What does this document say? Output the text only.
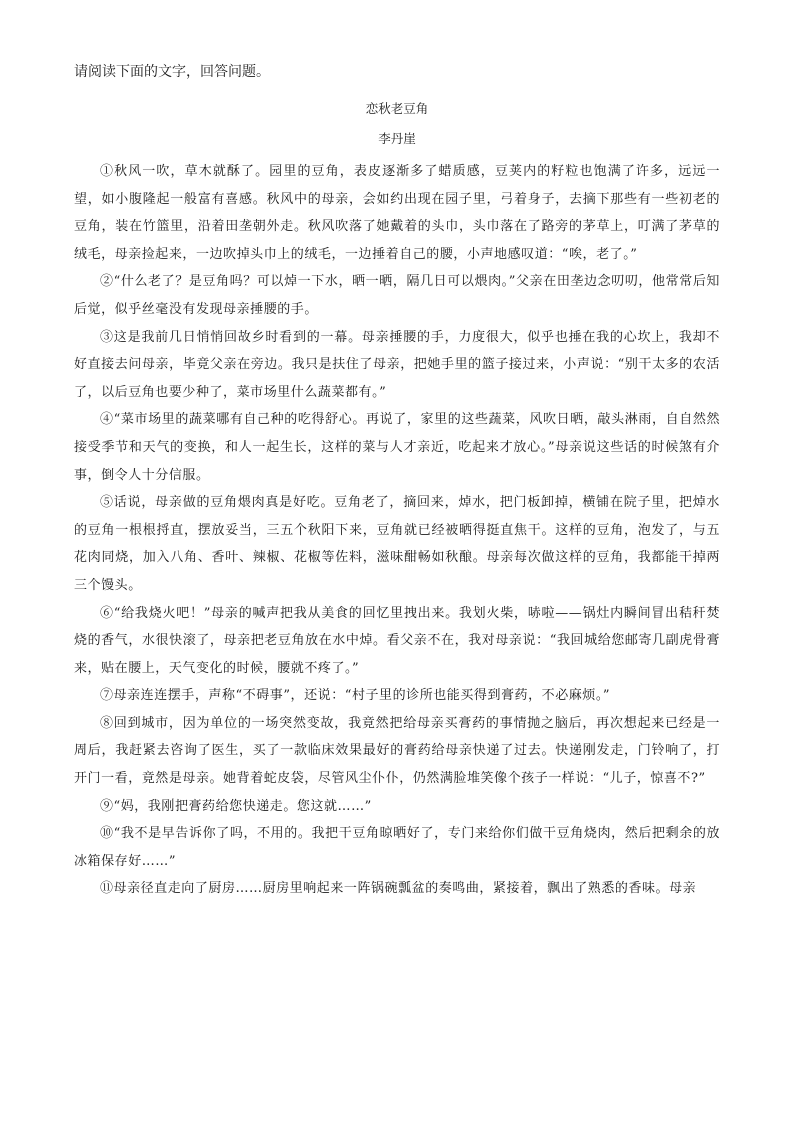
请阅读下面的文字，回答问题。

恋秋老豆角

李丹崖

①秋风一吹，草木就酥了。园里的豆角，表皮逐渐多了蜡质感，豆荚内的籽粒也饱满了许多，远远一望，如小腹隆起一般富有喜感。秋风中的母亲，会如约出现在园子里，弓着身子，去摘下那些有一些初老的豆角，装在竹篮里，沿着田垄朝外走。秋风吹落了她戴着的头巾，头巾落在了路旁的茅草上，叮满了茅草的绒毛，母亲捡起来，一边吹掉头巾上的绒毛，一边捶着自己的腰，小声地感叹道：“唉，老了。”

②“什么老了？是豆角吗？可以焯一下水，晒一晒，隔几日可以煨肉。”父亲在田垄边念叨叨，他常常后知后觉，似乎丝毫没有发现母亲捶腰的手。

③这是我前几日悄悄回故乡时看到的一幕。母亲捶腰的手，力度很大，似乎也捶在我的心坎上，我却不好直接去问母亲，毕竟父亲在旁边。我只是扶住了母亲，把她手里的篮子接过来，小声说：“别干太多的农活了，以后豆角也要少种了，菜市场里什么蔬菜都有。”

④“菜市场里的蔬菜哪有自己种的吃得舒心。再说了，家里的这些蔬菜，风吹日晒，敲头淋雨，自自然然接受季节和天气的变换，和人一起生长，这样的菜与人才亲近，吃起来才放心。”母亲说这些话的时候煞有介事，倒令人十分信服。

⑤话说，母亲做的豆角煨肉真是好吃。豆角老了，摘回来，焯水，把门板卸掉，横铺在院子里，把焯水的豆角一根根捋直，摆放妥当，三五个秋阳下来，豆角就已经被晒得挺直焦干。这样的豆角，泡发了，与五花肉同烧，加入八角、香叶、辣椒、花椒等佐料，滋味酣畅如秋酿。母亲每次做这样的豆角，我都能干掉两三个馒头。

⑥“给我烧火吧！”母亲的喊声把我从美食的回忆里拽出来。我划火柴，哧啦——锅灶内瞬间冒出秸秆焚烧的香气，水很快滚了，母亲把老豆角放在水中焯。看父亲不在，我对母亲说：“我回城给您邮寄几副虎骨膏来，贴在腰上，天气变化的时候，腰就不疼了。”

⑦母亲连连摆手，声称“不碍事”，还说：“村子里的诊所也能买得到膏药，不必麻烦。”

⑧回到城市，因为单位的一场突然变故，我竟然把给母亲买膏药的事情抛之脑后，再次想起来已经是一周后，我赶紧去咨询了医生，买了一款临床效果最好的膏药给母亲快递了过去。快递刚发走，门铃响了，打开门一看，竟然是母亲。她背着蛇皮袋，尽管风尘仆仆，仍然满脸堆笑像个孩子一样说：“儿子，惊喜不?”

⑨“妈，我刚把膏药给您快递走。您这就……”

⑩“我不是早告诉你了吗，不用的。我把干豆角晾晒好了，专门来给你们做干豆角烧肉，然后把剩余的放冰箱保存好……”

⑪母亲径直走向了厨房……厨房里响起来一阵锅碗瓢盆的奏鸣曲，紧接着，飘出了熟悉的香味。母亲
